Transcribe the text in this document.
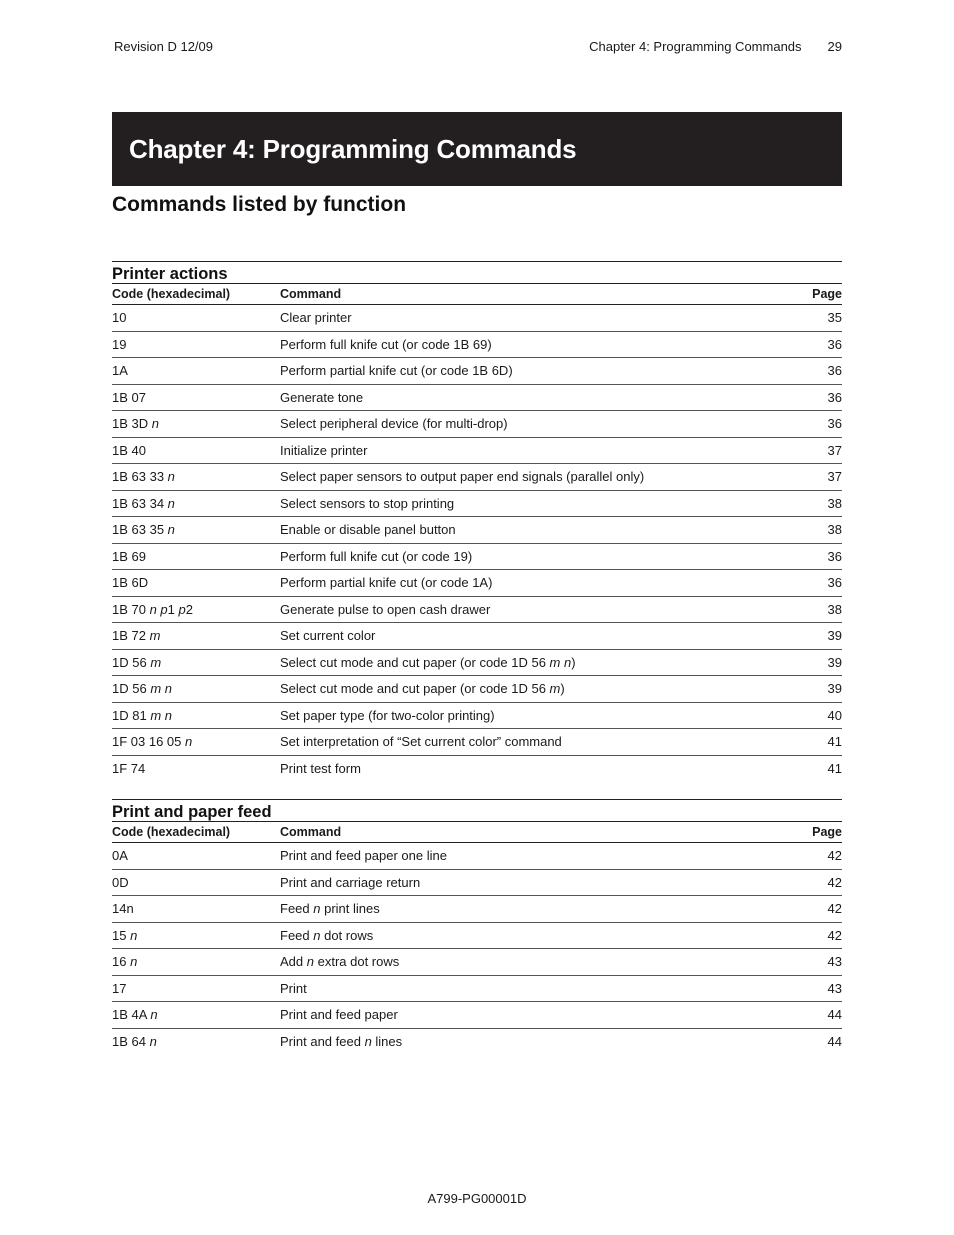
Revision D 12/09	Chapter 4: Programming Commands 29
Chapter 4: Programming Commands
Commands listed by function
Printer actions
Code (hexadecimal)	Command	Page
10	Clear printer	35
19	Perform full knife cut (or code 1B 69)	36
1A	Perform partial knife cut (or code 1B 6D)	36
1B 07	Generate tone	36
1B 3D n	Select peripheral device (for multi-drop)	36
1B 40	Initialize printer	37
1B 63 33 n	Select paper sensors to output paper end signals (parallel only)	37
1B 63 34 n	Select sensors to stop printing	38
1B 63 35 n	Enable or disable panel button	38
1B 69	Perform full knife cut (or code 19)	36
1B 6D	Perform partial knife cut (or code 1A)	36
1B 70 n p1 p2	Generate pulse to open cash drawer	38
1B 72 m	Set current color	39
1D 56 m	Select cut mode and cut paper (or code 1D 56 m n)	39
1D 56 m n	Select cut mode and cut paper (or code 1D 56 m)	39
1D 81 m n	Set paper type (for two-color printing)	40
1F 03 16 05 n	Set interpretation of “Set current color” command	41
1F 74	Print test form	41
Print and paper feed
Code (hexadecimal)	Command	Page
0A	Print and feed paper one line	42
0D	Print and carriage return	42
14n	Feed n print lines	42
15 n	Feed n dot rows	42
16 n	Add n extra dot rows	43
17	Print	43
1B 4A n	Print and feed paper	44
1B 64 n	Print and feed n lines	44
A799-PG00001D
